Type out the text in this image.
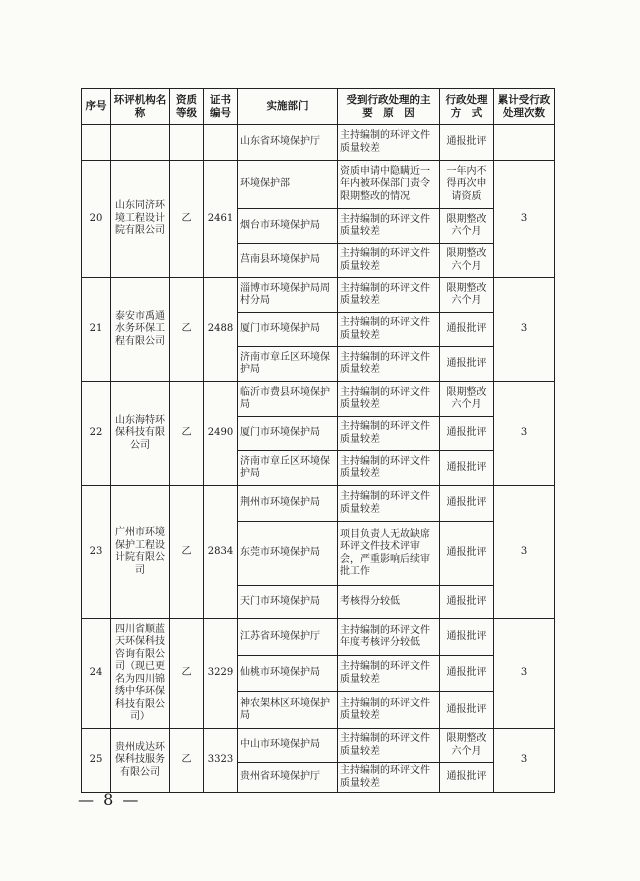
序号	环评机构名　称	资质等级	证书编号	实施部门	受到行政处理的主　要　原　因	行政处理方　式	累计受行政处理次数
				山东省环境保护厅	主持编制的环评文件质量较差	通报批评	
20	山东同济环境工程设计院有限公司	乙	2461	环境保护部	资质申请中隐瞒近一年内被环保部门责令限期整改的情况	一年内不得再次申请资质	3
				烟台市环境保护局	主持编制的环评文件质量较差	限期整改六个月	
				莒南县环境保护局	主持编制的环评文件质量较差	限期整改六个月	
21	泰安市禹通水务环保工程有限公司	乙	2488	淄博市环境保护局周村分局	主持编制的环评文件质量较差	限期整改六个月	3
				厦门市环境保护局	主持编制的环评文件质量较差	通报批评	
				济南市章丘区环境保护局	主持编制的环评文件质量较差	通报批评	
22	山东海特环保科技有限公司	乙	2490	临沂市费县环境保护局	主持编制的环评文件质量较差	限期整改六个月	3
				厦门市环境保护局	主持编制的环评文件质量较差	通报批评	
				济南市章丘区环境保护局	主持编制的环评文件质量较差	通报批评	
23	广州市环境保护工程设计院有限公司	乙	2834	荆州市环境保护局	主持编制的环评文件质量较差	通报批评	3
				东莞市环境保护局	项目负责人无故缺席环评文件技术评审会，严重影响后续审批工作	通报批评	
				天门市环境保护局	考核得分较低	通报批评	
24	四川省顺蓝天环保科技咨询有限公司（现已更名为四川锦绣中华环保科技有限公司）	乙	3229	江苏省环境保护厅	主持编制的环评文件年度考核评分较低	通报批评	3
				仙桃市环境保护局	主持编制的环评文件质量较差	通报批评	
				神农架林区环境保护局	主持编制的环评文件质量较差	通报批评	
25	贵州成达环保科技服务有限公司	乙	3323	中山市环境保护局	主持编制的环评文件质量较差	限期整改六个月	3
				贵州省环境保护厅	主持编制的环评文件质量较差	通报批评	
— 8 —
